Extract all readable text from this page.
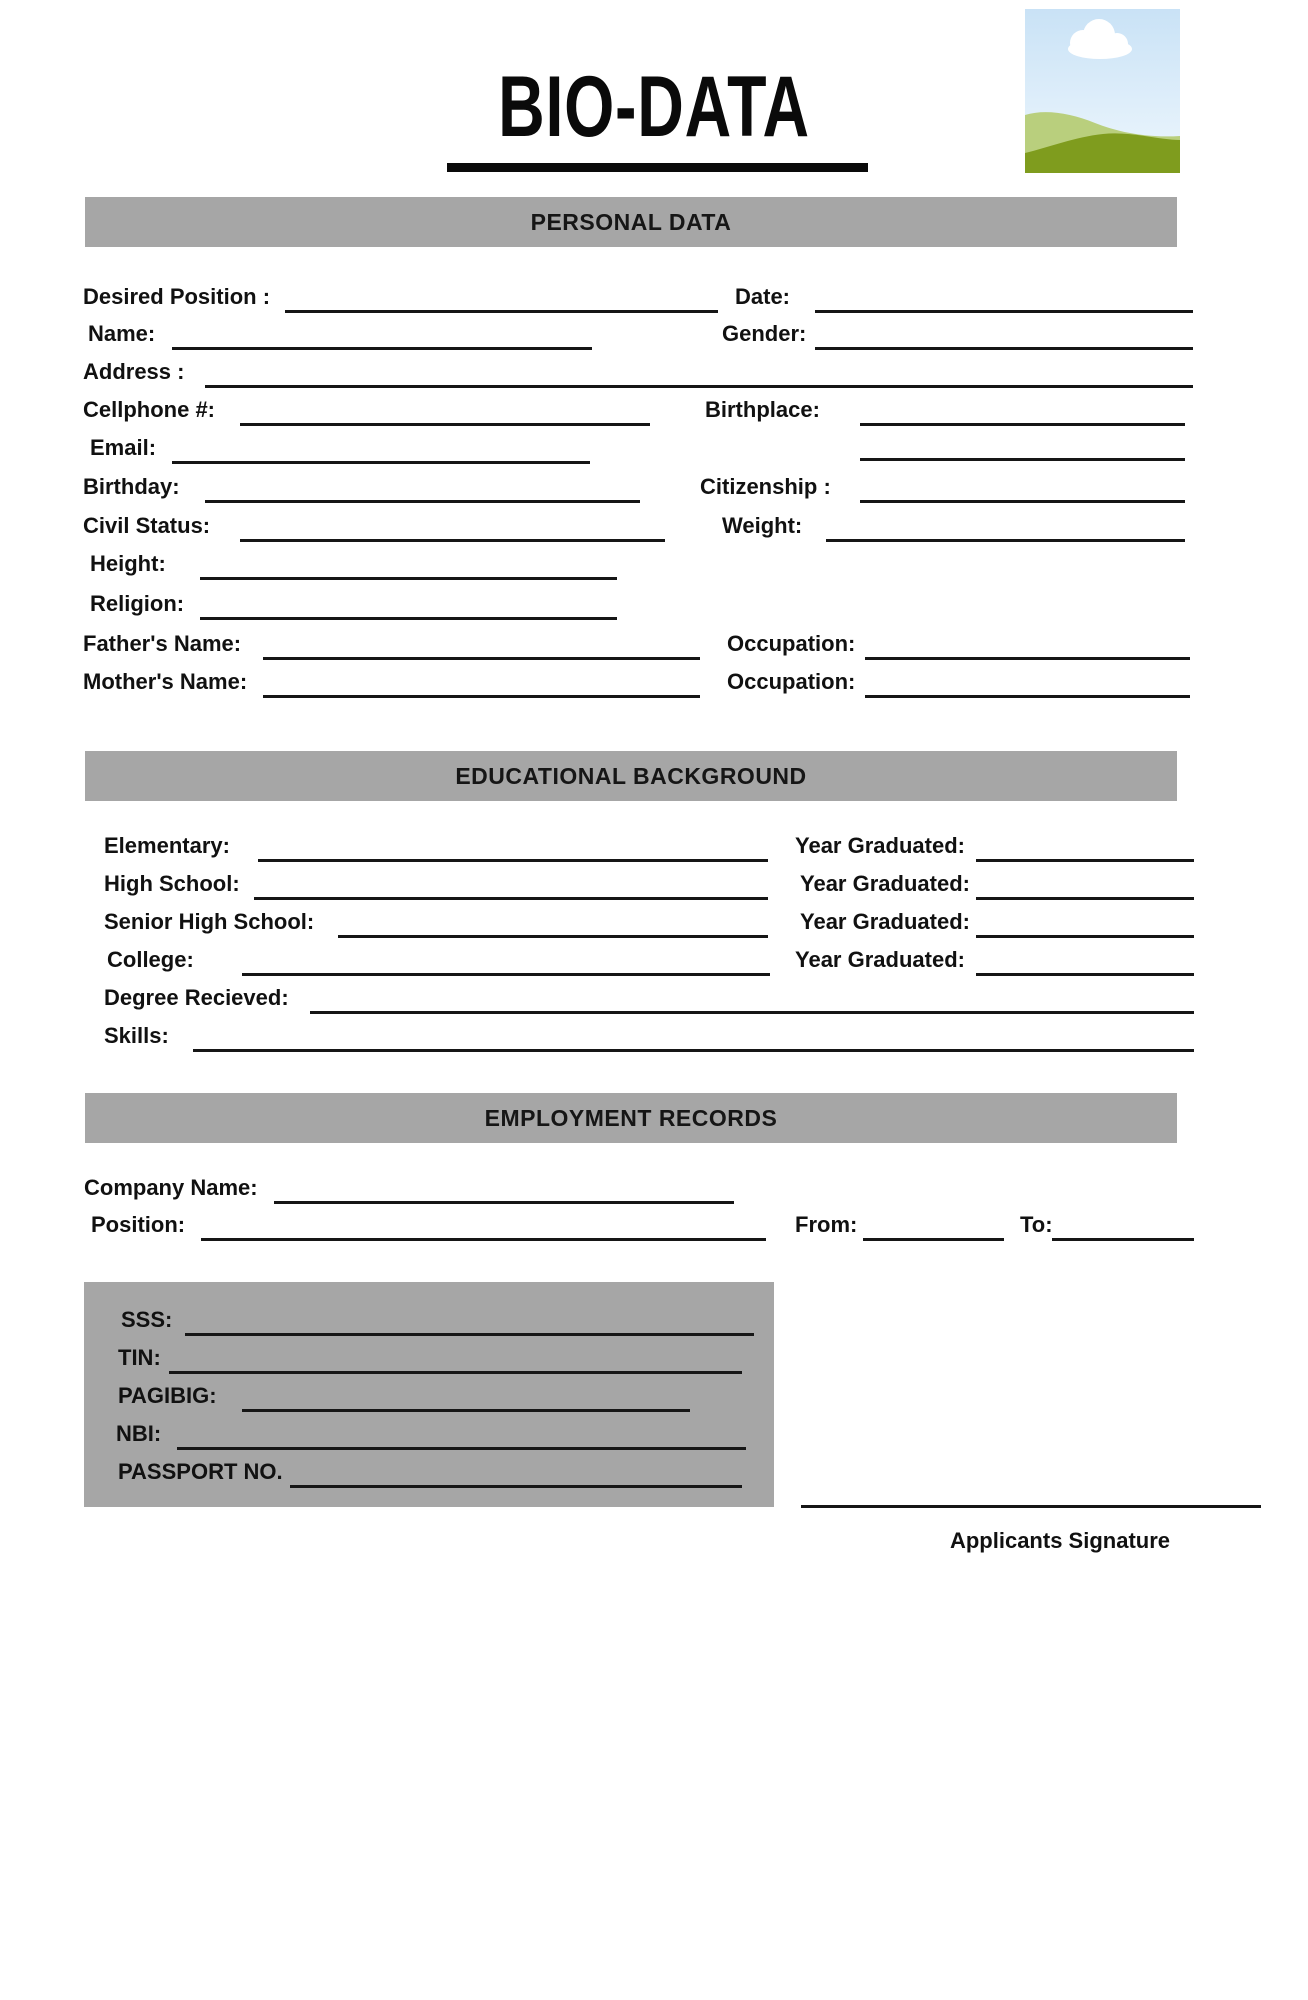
BIO-DATA
PERSONAL DATA
Desired Position :	Date:
Name:	Gender:
Address :
Cellphone #:	Birthplace:
Email:
Birthday:	Citizenship :
Civil Status:	Weight:
Height:
Religion:
Father's Name:	Occupation:
Mother's Name:	Occupation:
EDUCATIONAL BACKGROUND
Elementary:	Year Graduated:
High School:	Year Graduated:
Senior High School:	Year Graduated:
College:	Year Graduated:
Degree Recieved:
Skills:
EMPLOYMENT RECORDS
Company Name:
Position:	From:	To:
SSS:
TIN:
PAGIBIG:
NBI:
PASSPORT NO.
Applicants Signature
